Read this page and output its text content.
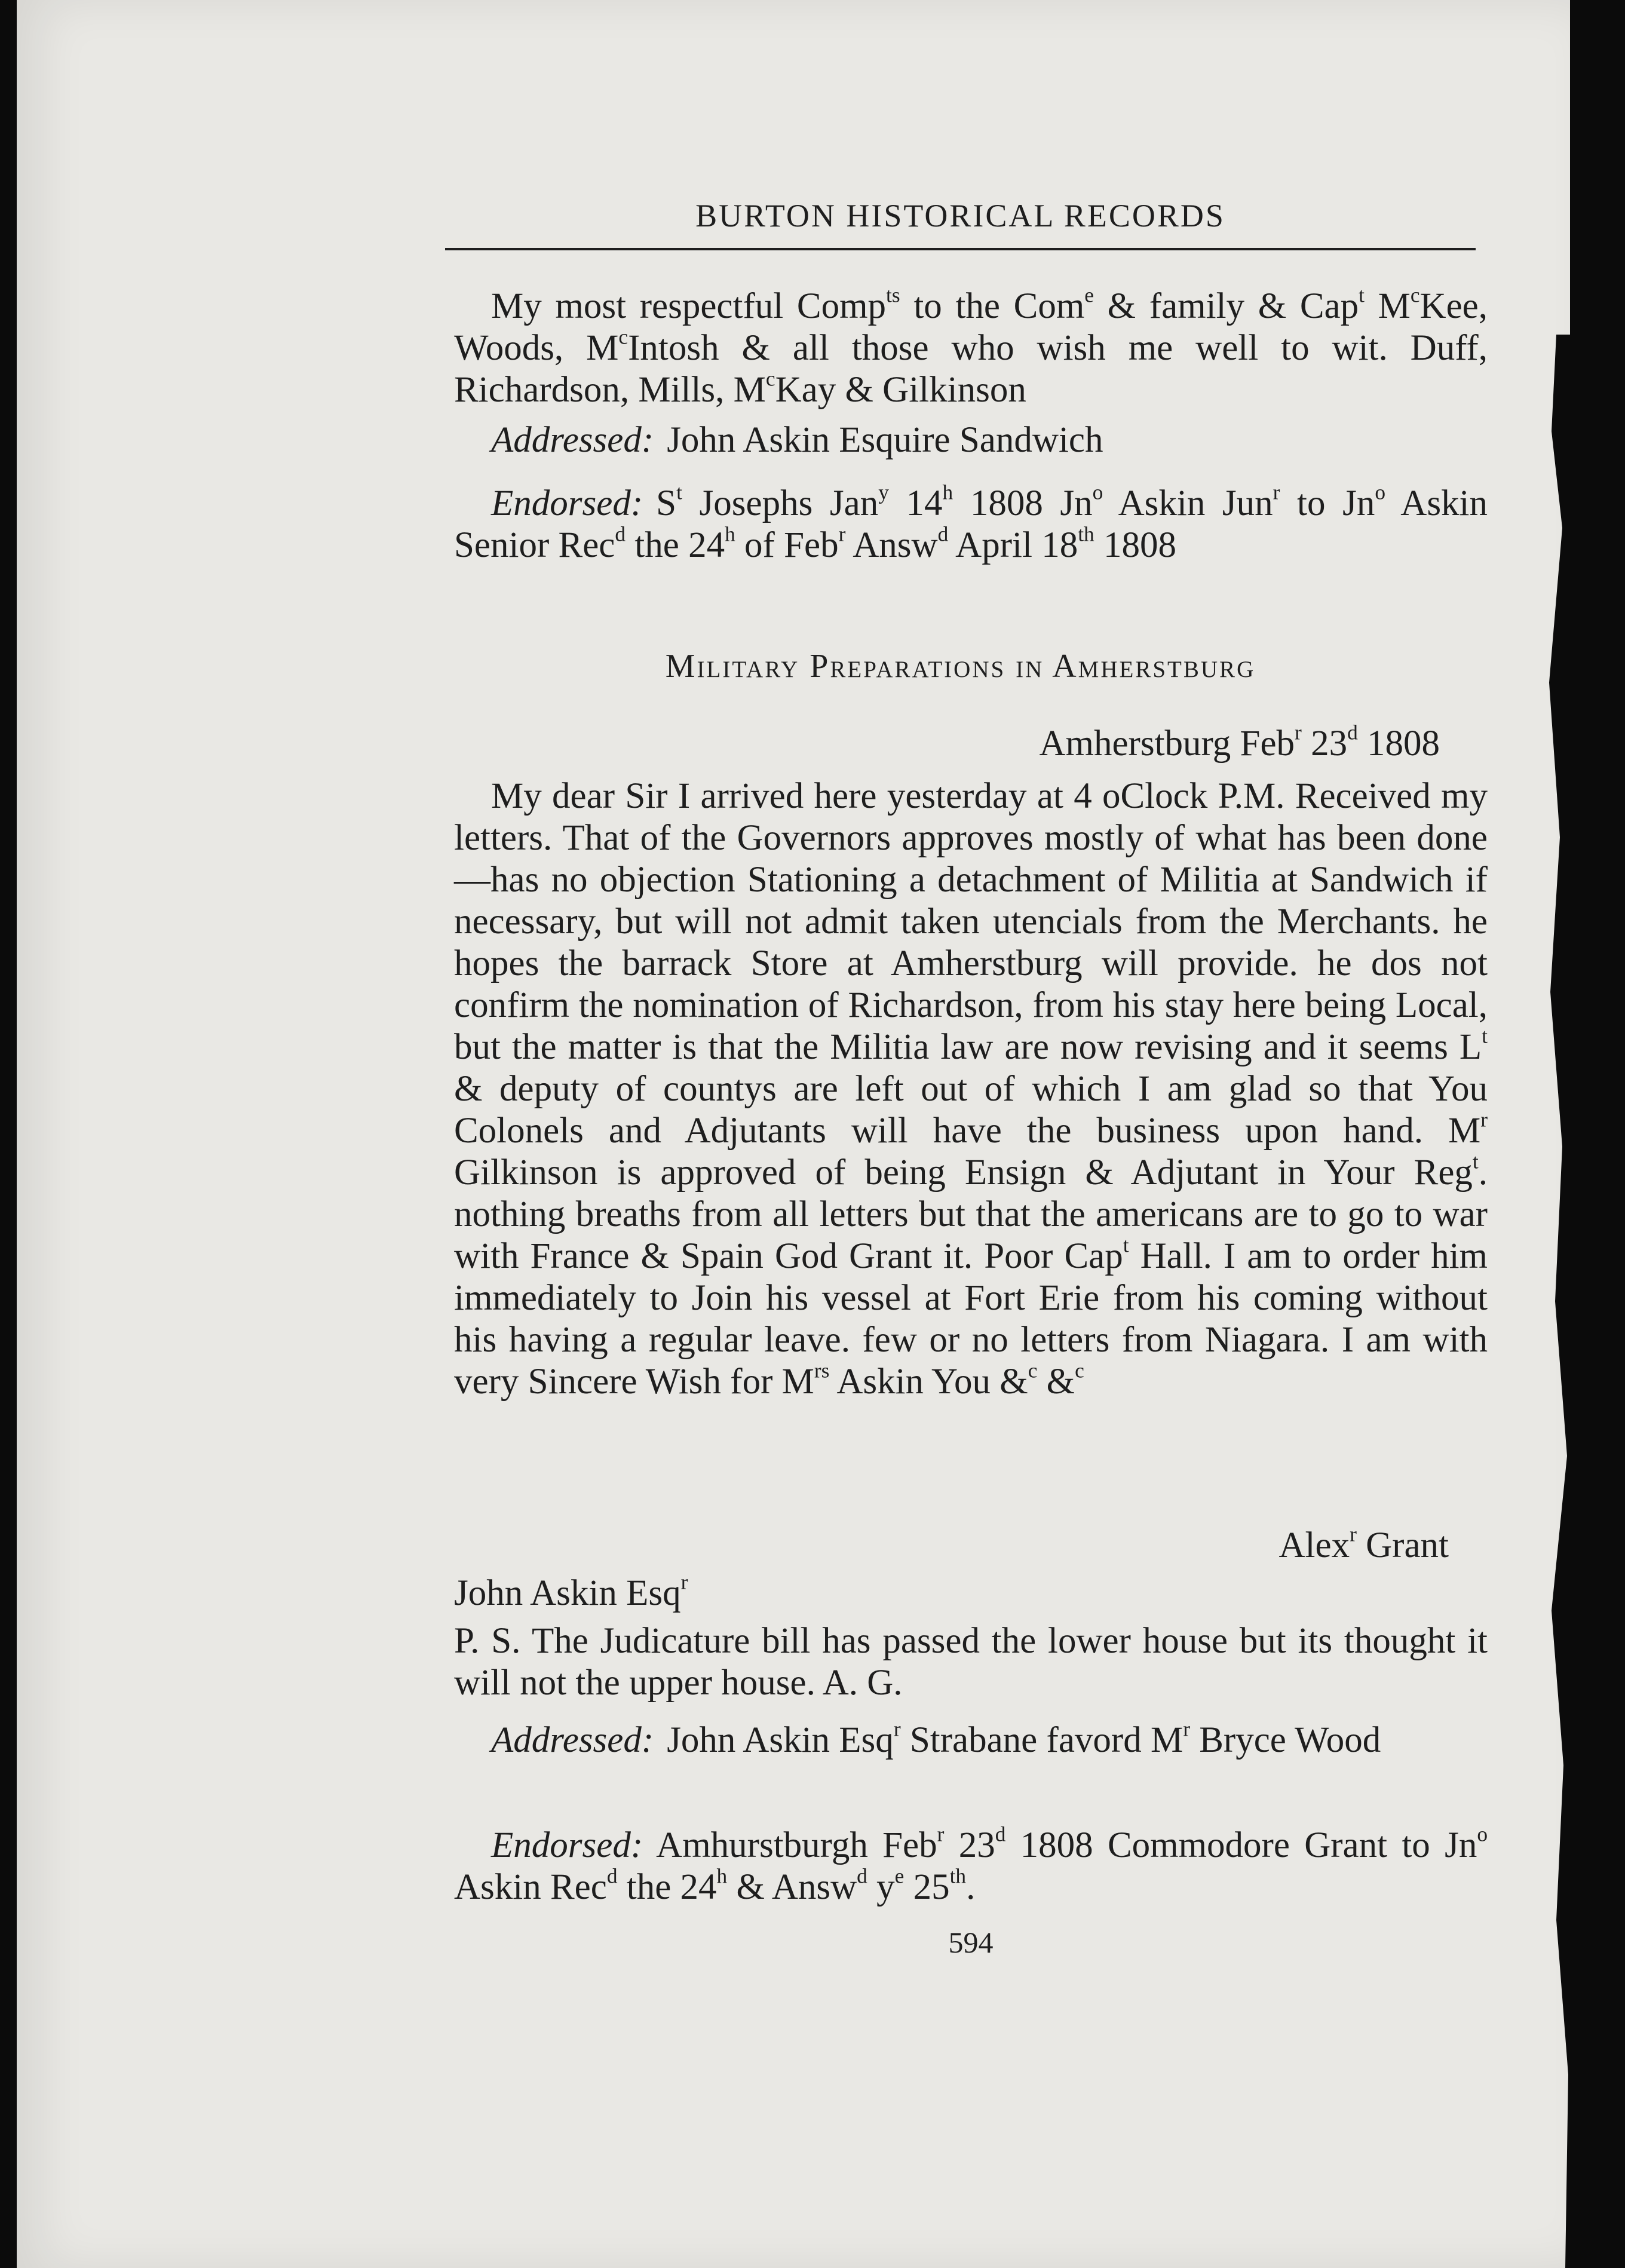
BURTON HISTORICAL RECORDS
My most respectful Comp$^{ts}$ to the Com$^e$ & family & Cap$^t$ $M^cKee$, Woods, $M^cIntosh$ & all those who wish me well to wit. Duff, Richardson, Mills, $M^cKay$ & Gilkinson
Addressed: John Askin Esquire Sandwich
Endorsed: $S^t$ Josephs Jan$^y$ 14$^h$ 1808 Jn$^o$ Askin Jun$^r$ to Jn$^o$ Askin Senior Rec$^d$ the 24$^h$ of Feb$^r$ Answ$^d$ April 18th 1808
Military Preparations in Amherstburg
Amherstburg Feb$^r$ 23$^d$ 1808
My dear Sir I arrived here yesterday at 4 oClock P.M. Received my letters. That of the Governors approves mostly of what has been done—has no objection Stationing a detachment of Militia at Sandwich if necessary, but will not admit taken utencials from the Merchants. he hopes the barrack Store at Amherstburg will provide. he dos not confirm the nomination of Richardson, from his stay here being Local, but the matter is that the Militia law are now revising and it seems $L^t$ & deputy of countys are left out of which I am glad so that You Colonels and Adjutants will have the business upon hand. $M^r$ Gilkinson is approved of being Ensign & Adjutant in Your Reg$^t$. nothing breaths from all letters but that the americans are to go to war with France & Spain God Grant it. Poor Cap$^t$ Hall. I am to order him immediately to Join his vessel at Fort Erie from his coming without his having a regular leave. few or no letters from Niagara. I am with very Sincere Wish for $M^{rs}$ Askin You &$^c$ &$^c$
Alex$^r$ Grant
John Askin Esq$^r$
P. S. The Judicature bill has passed the lower house but its thought it will not the upper house. A. G.
Addressed: John Askin Esq$^r$ Strabane favord $M^r$ Bryce Wood
Endorsed: Amhurstburgh Feb$^r$ 23$^d$ 1808 Commodore Grant to Jn$^o$ Askin Rec$^d$ the 24$^h$ & Answ$^d$ $y^e$ 25th.
594
